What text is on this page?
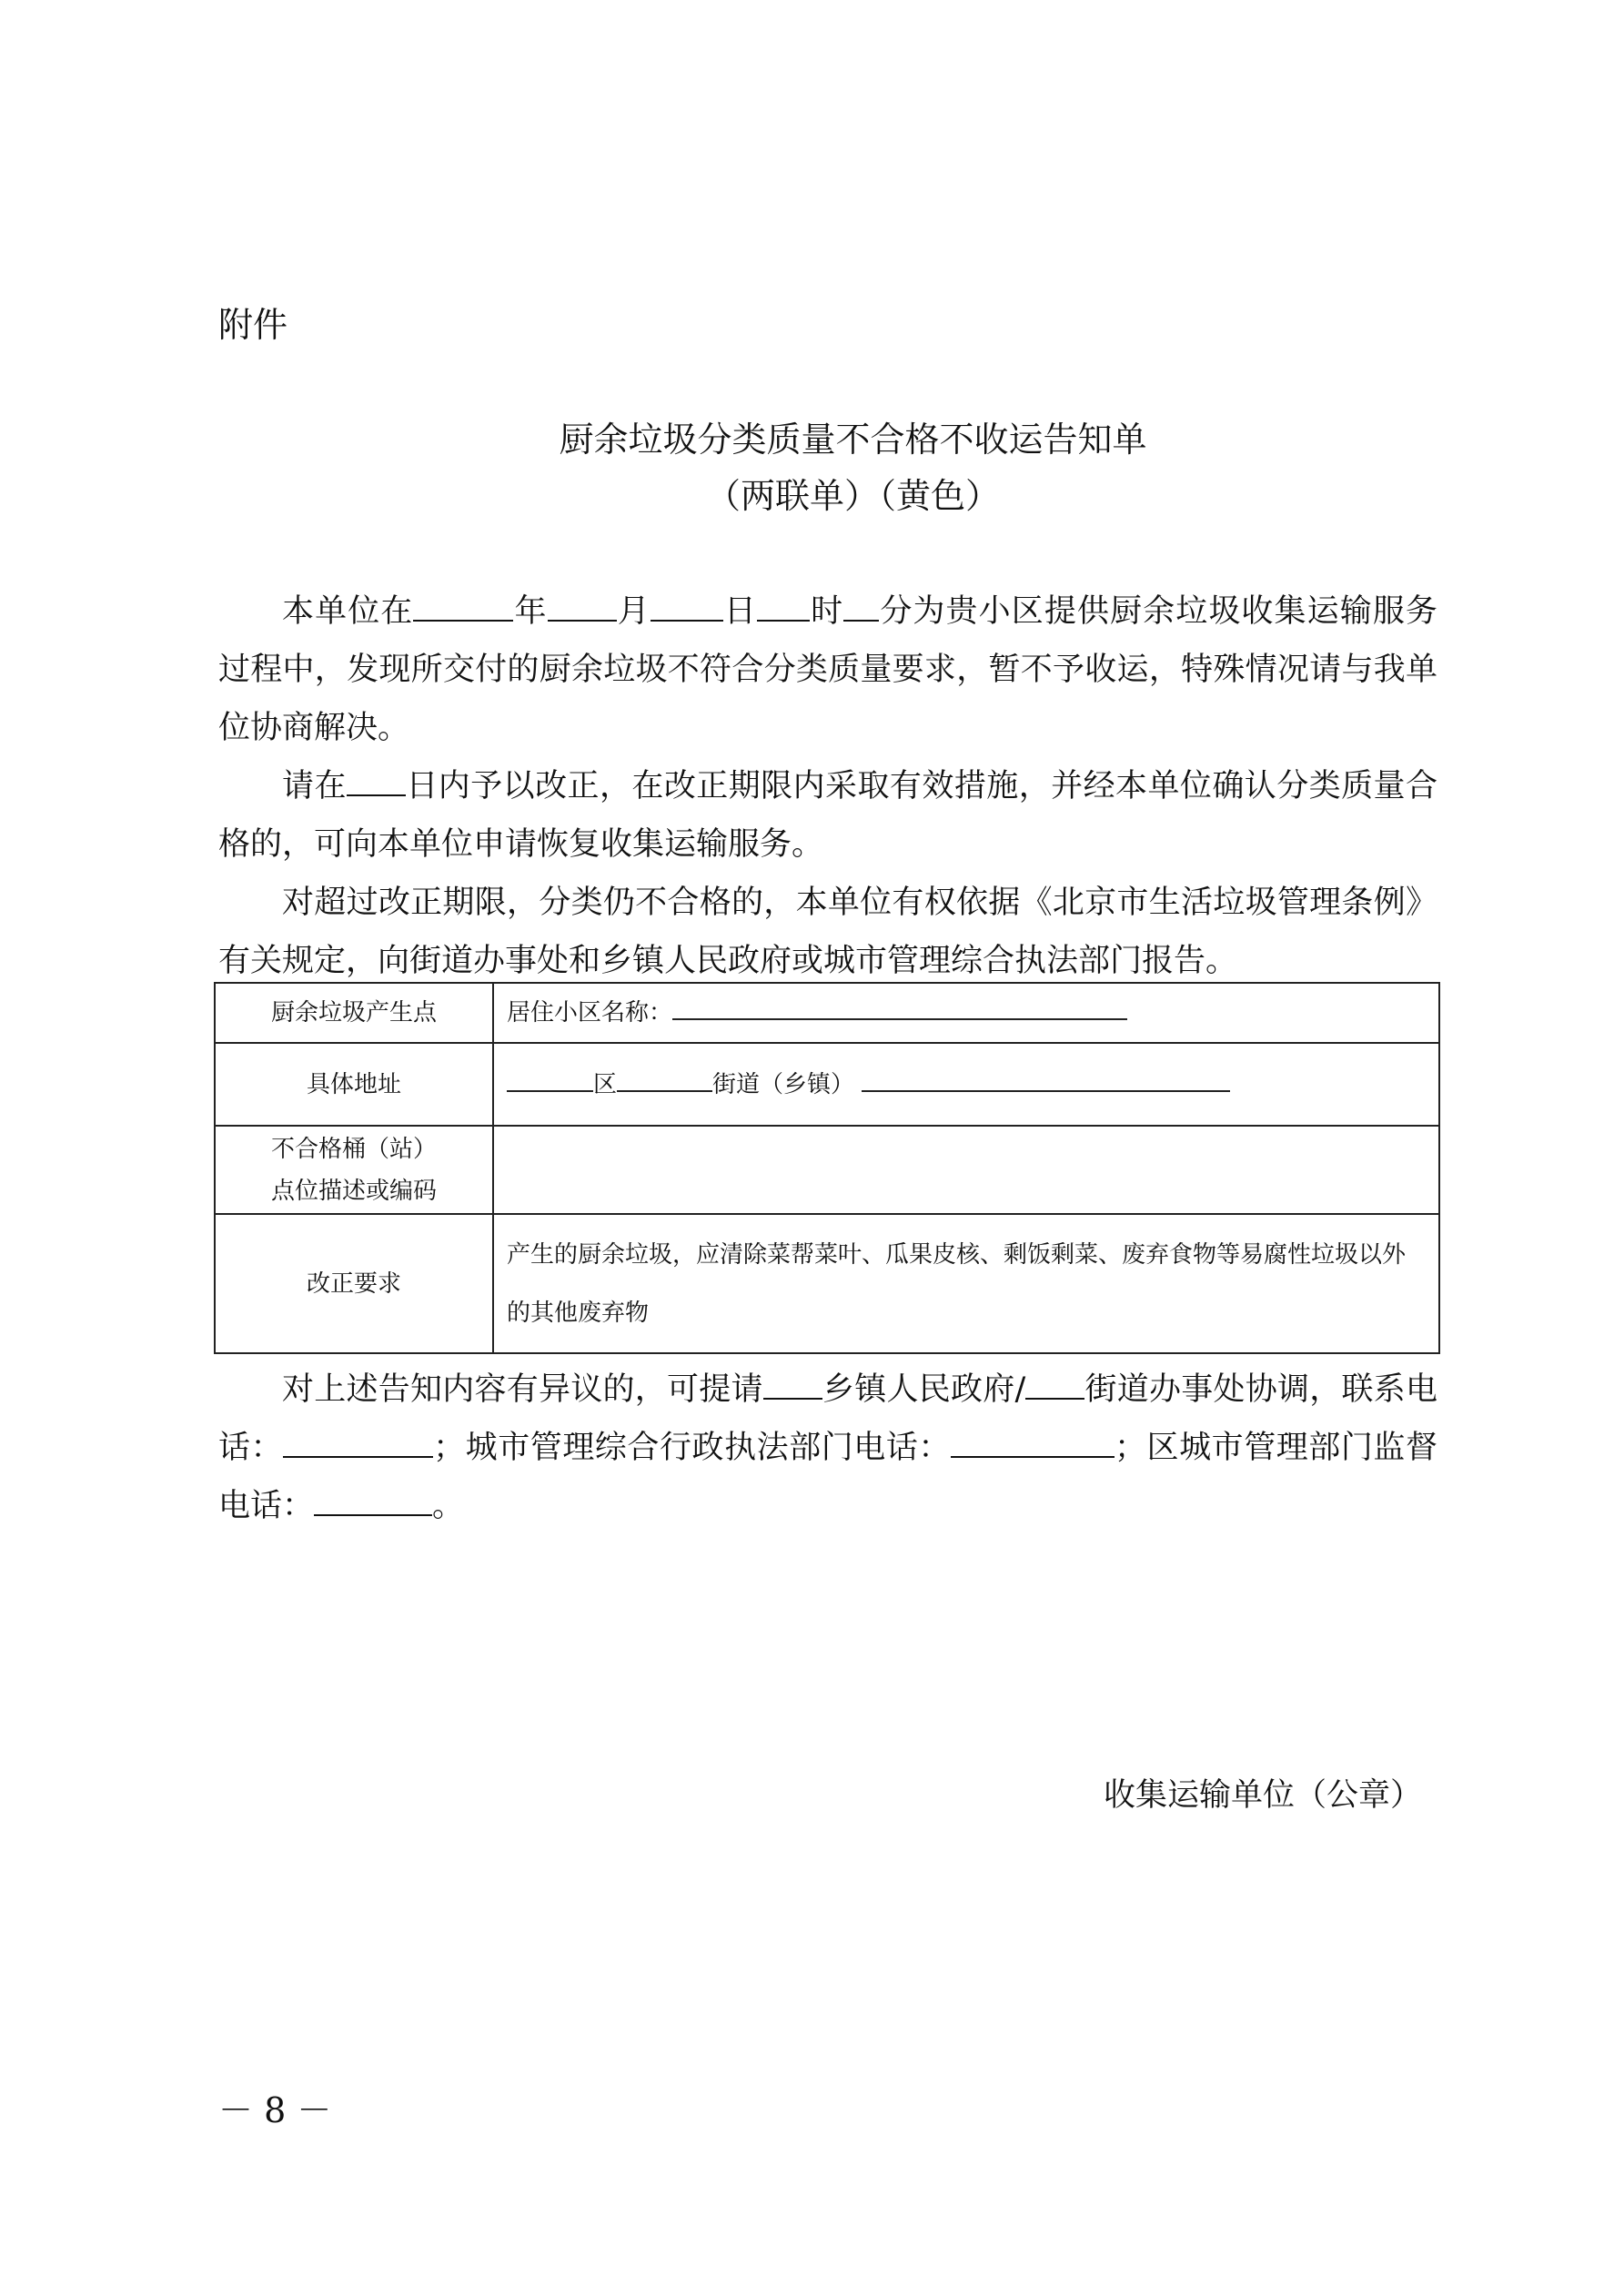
附件
厨余垃圾分类质量不合格不收运告知单
（两联单）（黄色）

本单位在	年 月 日 时 分为贵小区提供厨余垃圾收集运输服务过程中，发现所交付的厨余垃圾不符合分类质量要求，暂不予收运，特殊情况请与我单位协商解决。

请在 日内予以改正，在改正期限内采取有效措施，并经本单位确认分类质量合格的，可向本单位申请恢复收集运输服务。

对超过改正期限，分类仍不合格的，本单位有权依据《北京市生活垃圾管理条例》有关规定，向街道办事处和乡镇人民政府或城市管理综合执法部门报告。

厨余垃圾产生点	居住小区名称：
具体地址	区 街道（乡镇）

不合格桶（站）
点位描述或编码	

改正要求	产生的厨余垃圾，应清除菜帮菜叶、瓜果皮核、剩饭剩菜、废弃食物等易腐性垃圾以外的其他废弃物

对上述告知内容有异议的，可提请 乡镇人民政府/ 街道办事处协调，联系电话：	；城市管理综合行政执法部门电话：	；区城市管理部门监督电话：	。

收集运输单位（公章）
－ 8 －
